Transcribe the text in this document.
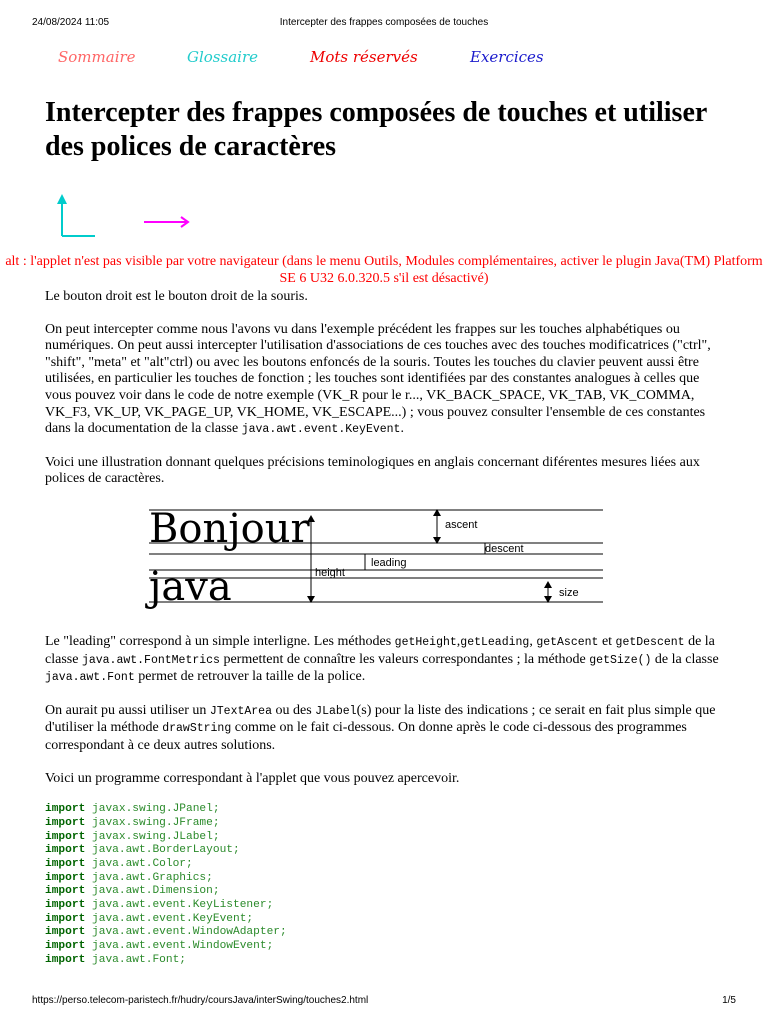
24/08/2024 11:05	Intercepter des frappes composées de touches
Sommaire	Glossaire	Mots réservés	Exercices
Intercepter des frappes composées de touches et utiliser des polices de caractères
alt : l'applet n'est pas visible par votre navigateur (dans le menu Outils, Modules complémentaires, activer le plugin Java(TM) Platform SE 6 U32 6.0.320.5 s'il est désactivé)

Le bouton droit est le bouton droit de la souris.

On peut intercepter comme nous l'avons vu dans l'exemple précédent les frappes sur les touches alphabétiques ou numériques. On peut aussi intercepter l'utilisation d'associations de ces touches avec des touches modificatrices ("ctrl", "shift", "meta" et "alt"ctrl) ou avec les boutons enfoncés de la souris. Toutes les touches du clavier peuvent aussi être utilisées, en particulier les touches de fonction ; les touches sont identifiées par des constantes analogues à celles que vous pouvez voir dans le code de notre exemple (VK_R pour le r..., VK_BACK_SPACE, VK_TAB, VK_COMMA, VK_F3, VK_UP, VK_PAGE_UP, VK_HOME, VK_ESCAPE...) ; vous pouvez consulter l'ensemble de ces constantes dans la documentation de la classe java.awt.event.KeyEvent.

Voici une illustration donnant quelques précisions teminologiques en anglais concernant diférentes mesures liées aux polices de caractères.

Bonjour
java
ascent
descent
leading
height
size

Le "leading" correspond à un simple interligne. Les méthodes getHeight,getLeading, getAscent et getDescent de la classe java.awt.FontMetrics permettent de connaître les valeurs correspondantes ; la méthode getSize() de la classe java.awt.Font permet de retrouver la taille de la police.

On aurait pu aussi utiliser un JTextArea ou des JLabel(s) pour la liste des indications ; ce serait en fait plus simple que d'utiliser la méthode drawString comme on le fait ci-dessous. On donne après le code ci-dessous des programmes correspondant à ce deux autres solutions.

Voici un programme correspondant à l'applet que vous pouvez apercevoir.

import javax.swing.JPanel;
import javax.swing.JFrame;
import javax.swing.JLabel;
import java.awt.BorderLayout;
import java.awt.Color;
import java.awt.Graphics;
import java.awt.Dimension;
import java.awt.event.KeyListener;
import java.awt.event.KeyEvent;
import java.awt.event.WindowAdapter;
import java.awt.event.WindowEvent;
import java.awt.Font;
https://perso.telecom-paristech.fr/hudry/coursJava/interSwing/touches2.html	1/5
